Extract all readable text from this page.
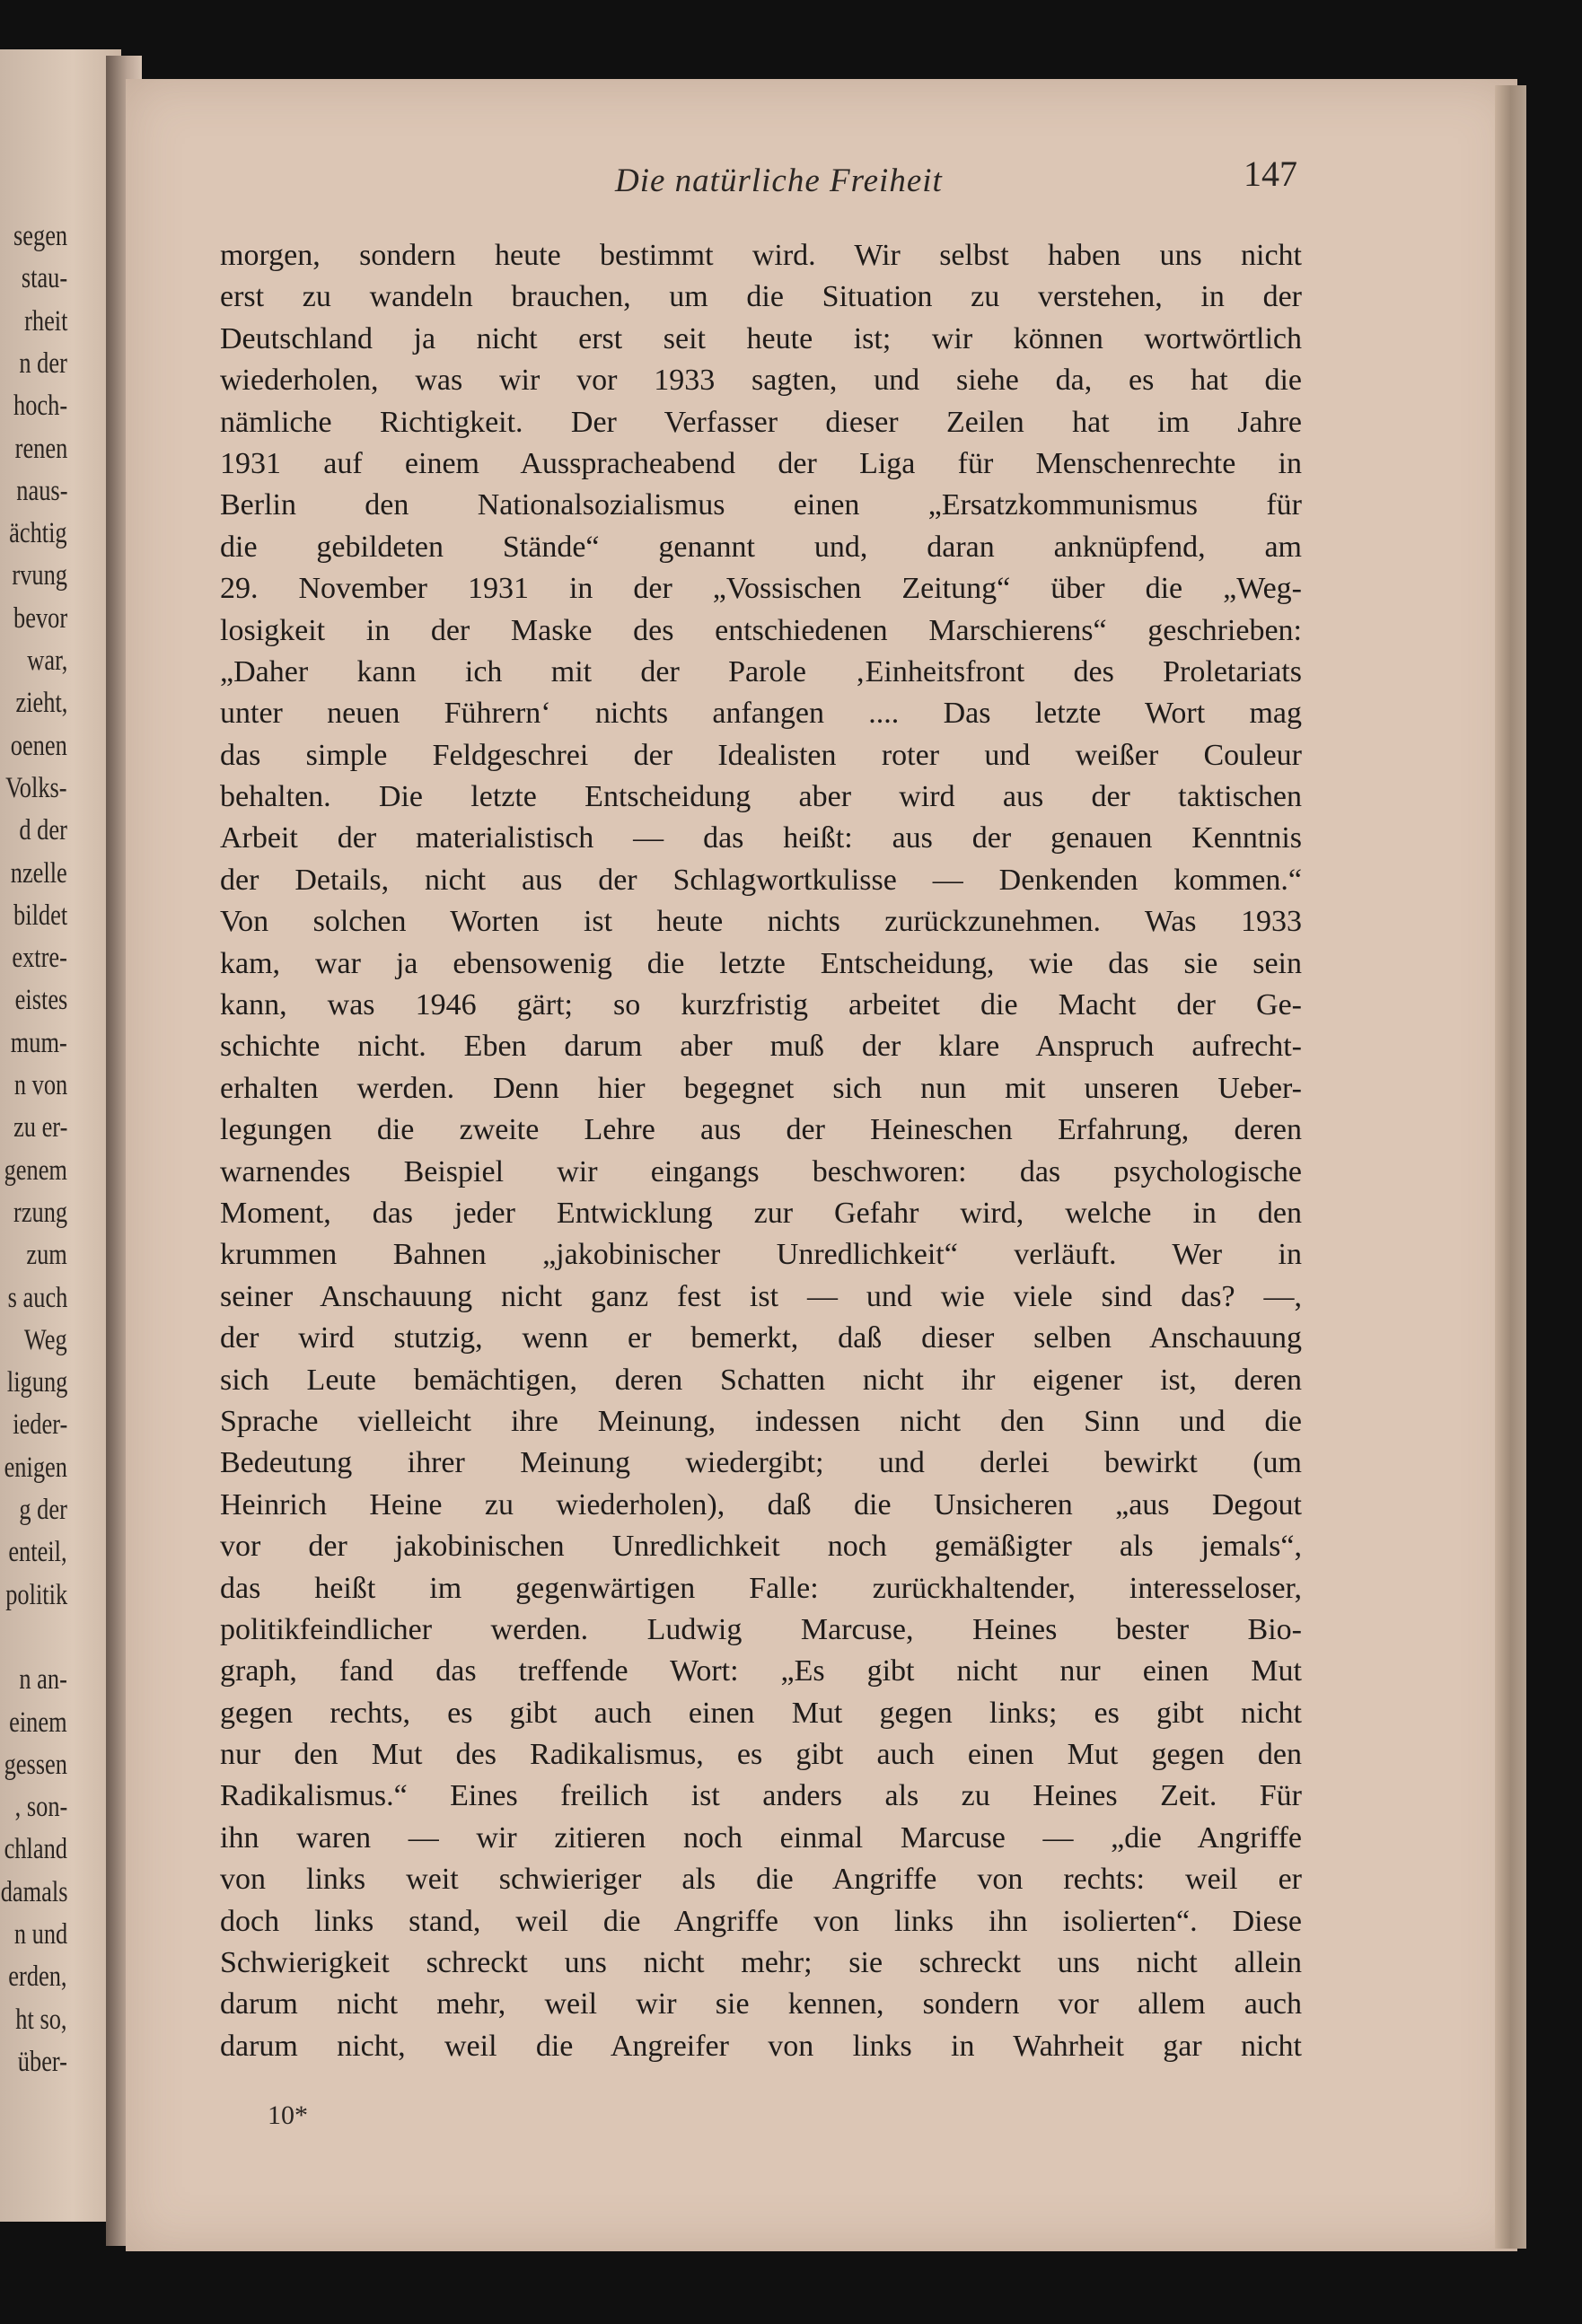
segen
stau-
rheit
n der
hoch-
renen
naus-
ächtig
rvung
bevor
war,
zieht,
oenen
Volks-
d der
nzelle
bildet
extre-
eistes
mum-
n von
zu er-
genem
rzung
zum
s auch
Weg
ligung
ieder-
enigen
g der
enteil,
politik
n an-
einem
gessen
, son-
chland
damals
n und
erden,
ht so,
über-
Die natürliche Freiheit	147
morgen, sondern heute bestimmt wird. Wir selbst haben uns nicht
erst zu wandeln brauchen, um die Situation zu verstehen, in der
Deutschland ja nicht erst seit heute ist; wir können wortwörtlich
wiederholen, was wir vor 1933 sagten, und siehe da, es hat die
nämliche Richtigkeit. Der Verfasser dieser Zeilen hat im Jahre
1931 auf einem Ausspracheabend der Liga für Menschenrechte in
Berlin den Nationalsozialismus einen „Ersatzkommunismus für
die gebildeten Stände“ genannt und, daran anknüpfend, am
29. November 1931 in der „Vossischen Zeitung“ über die „Weg-
losigkeit in der Maske des entschiedenen Marschierens“ geschrieben:
„Daher kann ich mit der Parole ‚Einheitsfront des Proletariats
unter neuen Führern‘ nichts anfangen .... Das letzte Wort mag
das simple Feldgeschrei der Idealisten roter und weißer Couleur
behalten. Die letzte Entscheidung aber wird aus der taktischen
Arbeit der materialistisch — das heißt: aus der genauen Kenntnis
der Details, nicht aus der Schlagwortkulisse — Denkenden kommen.“
Von solchen Worten ist heute nichts zurückzunehmen. Was 1933
kam, war ja ebensowenig die letzte Entscheidung, wie das sie sein
kann, was 1946 gärt; so kurzfristig arbeitet die Macht der Ge-
schichte nicht. Eben darum aber muß der klare Anspruch aufrecht-
erhalten werden. Denn hier begegnet sich nun mit unseren Ueber-
legungen die zweite Lehre aus der Heineschen Erfahrung, deren
warnendes Beispiel wir eingangs beschworen: das psychologische
Moment, das jeder Entwicklung zur Gefahr wird, welche in den
krummen Bahnen „jakobinischer Unredlichkeit“ verläuft. Wer in
seiner Anschauung nicht ganz fest ist — und wie viele sind das? —,
der wird stutzig, wenn er bemerkt, daß dieser selben Anschauung
sich Leute bemächtigen, deren Schatten nicht ihr eigener ist, deren
Sprache vielleicht ihre Meinung, indessen nicht den Sinn und die
Bedeutung ihrer Meinung wiedergibt; und derlei bewirkt (um
Heinrich Heine zu wiederholen), daß die Unsicheren „aus Degout
vor der jakobinischen Unredlichkeit noch gemäßigter als jemals“,
das heißt im gegenwärtigen Falle: zurückhaltender, interesseloser,
politikfeindlicher werden. Ludwig Marcuse, Heines bester Bio-
graph, fand das treffende Wort: „Es gibt nicht nur einen Mut
gegen rechts, es gibt auch einen Mut gegen links; es gibt nicht
nur den Mut des Radikalismus, es gibt auch einen Mut gegen den
Radikalismus.“ Eines freilich ist anders als zu Heines Zeit. Für
ihn waren — wir zitieren noch einmal Marcuse — „die Angriffe
von links weit schwieriger als die Angriffe von rechts: weil er
doch links stand, weil die Angriffe von links ihn isolierten“. Diese
Schwierigkeit schreckt uns nicht mehr; sie schreckt uns nicht allein
darum nicht mehr, weil wir sie kennen, sondern vor allem auch
darum nicht, weil die Angreifer von links in Wahrheit gar nicht
10*
